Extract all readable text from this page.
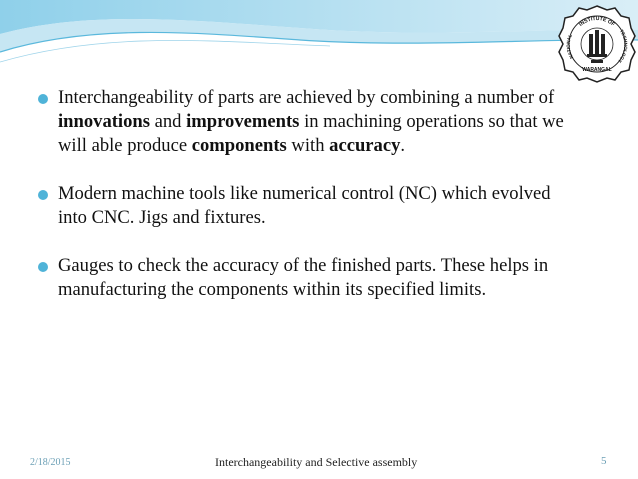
INSTITUTE OF
NATIONAL
TECHNOLOGY
WARANGAL
Interchangeability of parts are achieved by combining a number of innovations and improvements in machining operations so that we will able produce components with accuracy.
Modern machine tools like numerical control (NC) which evolved into CNC. Jigs and fixtures.
Gauges to check the accuracy of the finished parts. These helps in manufacturing the components within its specified limits.
2/18/2015	Interchangeability and Selective assembly	5
